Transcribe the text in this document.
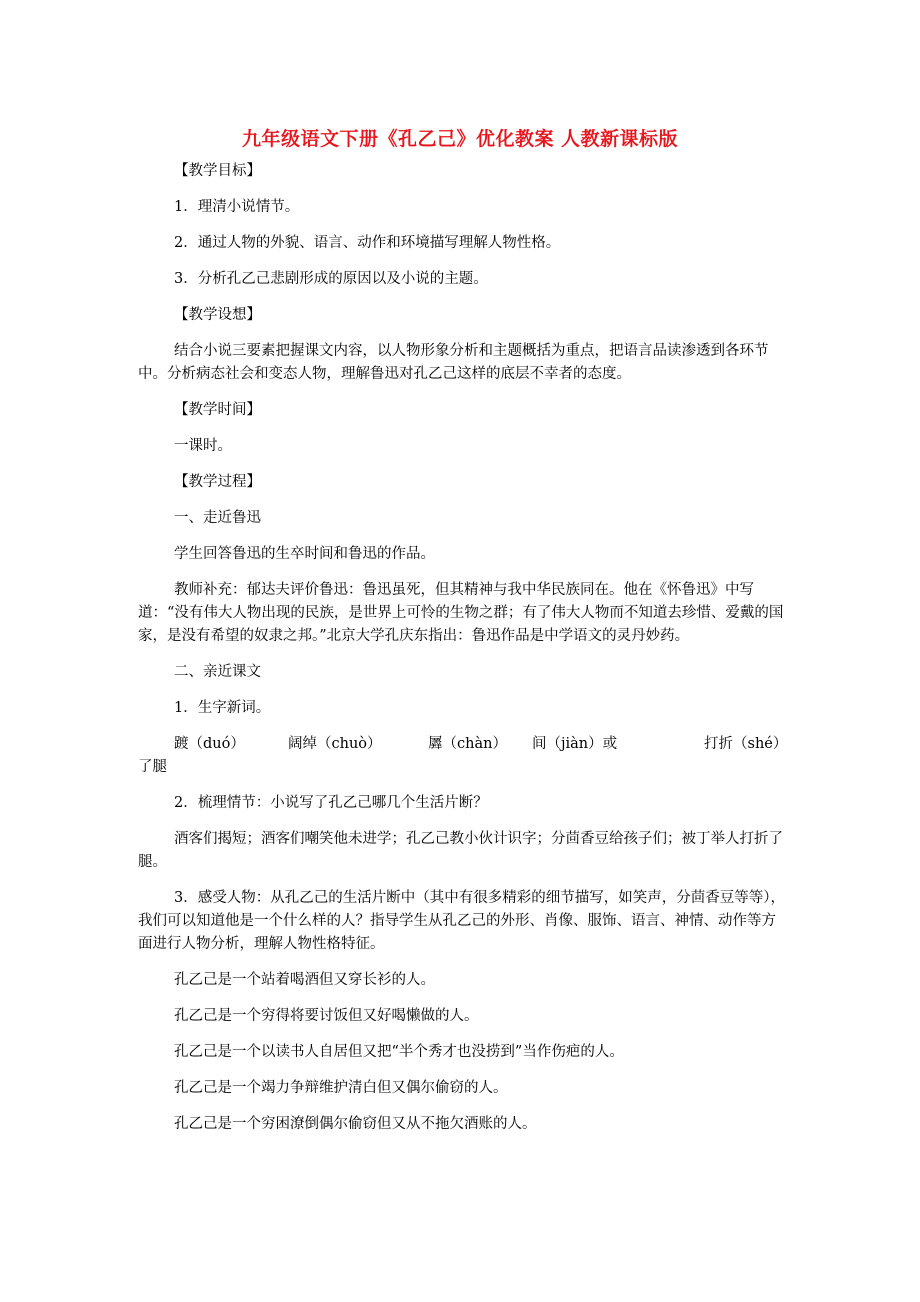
九年级语文下册《孔乙己》优化教案 人教新课标版

【教学目标】

1．理清小说情节。

2．通过人物的外貌、语言、动作和环境描写理解人物性格。

3．分析孔乙己悲剧形成的原因以及小说的主题。

【教学设想】

结合小说三要素把握课文内容，以人物形象分析和主题概括为重点，把语言品读渗透到各环节中。分析病态社会和变态人物，理解鲁迅对孔乙己这样的底层不幸者的态度。

【教学时间】

一课时。

【教学过程】

一、走近鲁迅

学生回答鲁迅的生卒时间和鲁迅的作品。

教师补充：郁达夫评价鲁迅：鲁迅虽死，但其精神与我中华民族同在。他在《怀鲁迅》中写道：“没有伟大人物出现的民族，是世界上可怜的生物之群；有了伟大人物而不知道去珍惜、爱戴的国家，是没有希望的奴隶之邦。”北京大学孔庆东指出：鲁迅作品是中学语文的灵丹妙药。

二、亲近课文

1．生字新词。

踱（duó）	阔绰（chuò）	羼（chàn） 间（jiàn）或	打折（shé）
了腿

2．梳理情节：小说写了孔乙己哪几个生活片断？

酒客们揭短；酒客们嘲笑他未进学；孔乙己教小伙计识字；分茴香豆给孩子们；被丁举人打折了腿。

3．感受人物：从孔乙己的生活片断中（其中有很多精彩的细节描写，如笑声，分茴香豆等等），我们可以知道他是一个什么样的人？指导学生从孔乙己的外形、肖像、服饰、语言、神情、动作等方面进行人物分析，理解人物性格特征。

孔乙己是一个站着喝酒但又穿长衫的人。

孔乙己是一个穷得将要讨饭但又好喝懒做的人。

孔乙己是一个以读书人自居但又把“半个秀才也没捞到”当作伤疤的人。

孔乙己是一个竭力争辩维护清白但又偶尔偷窃的人。

孔乙己是一个穷困潦倒偶尔偷窃但又从不拖欠酒账的人。
